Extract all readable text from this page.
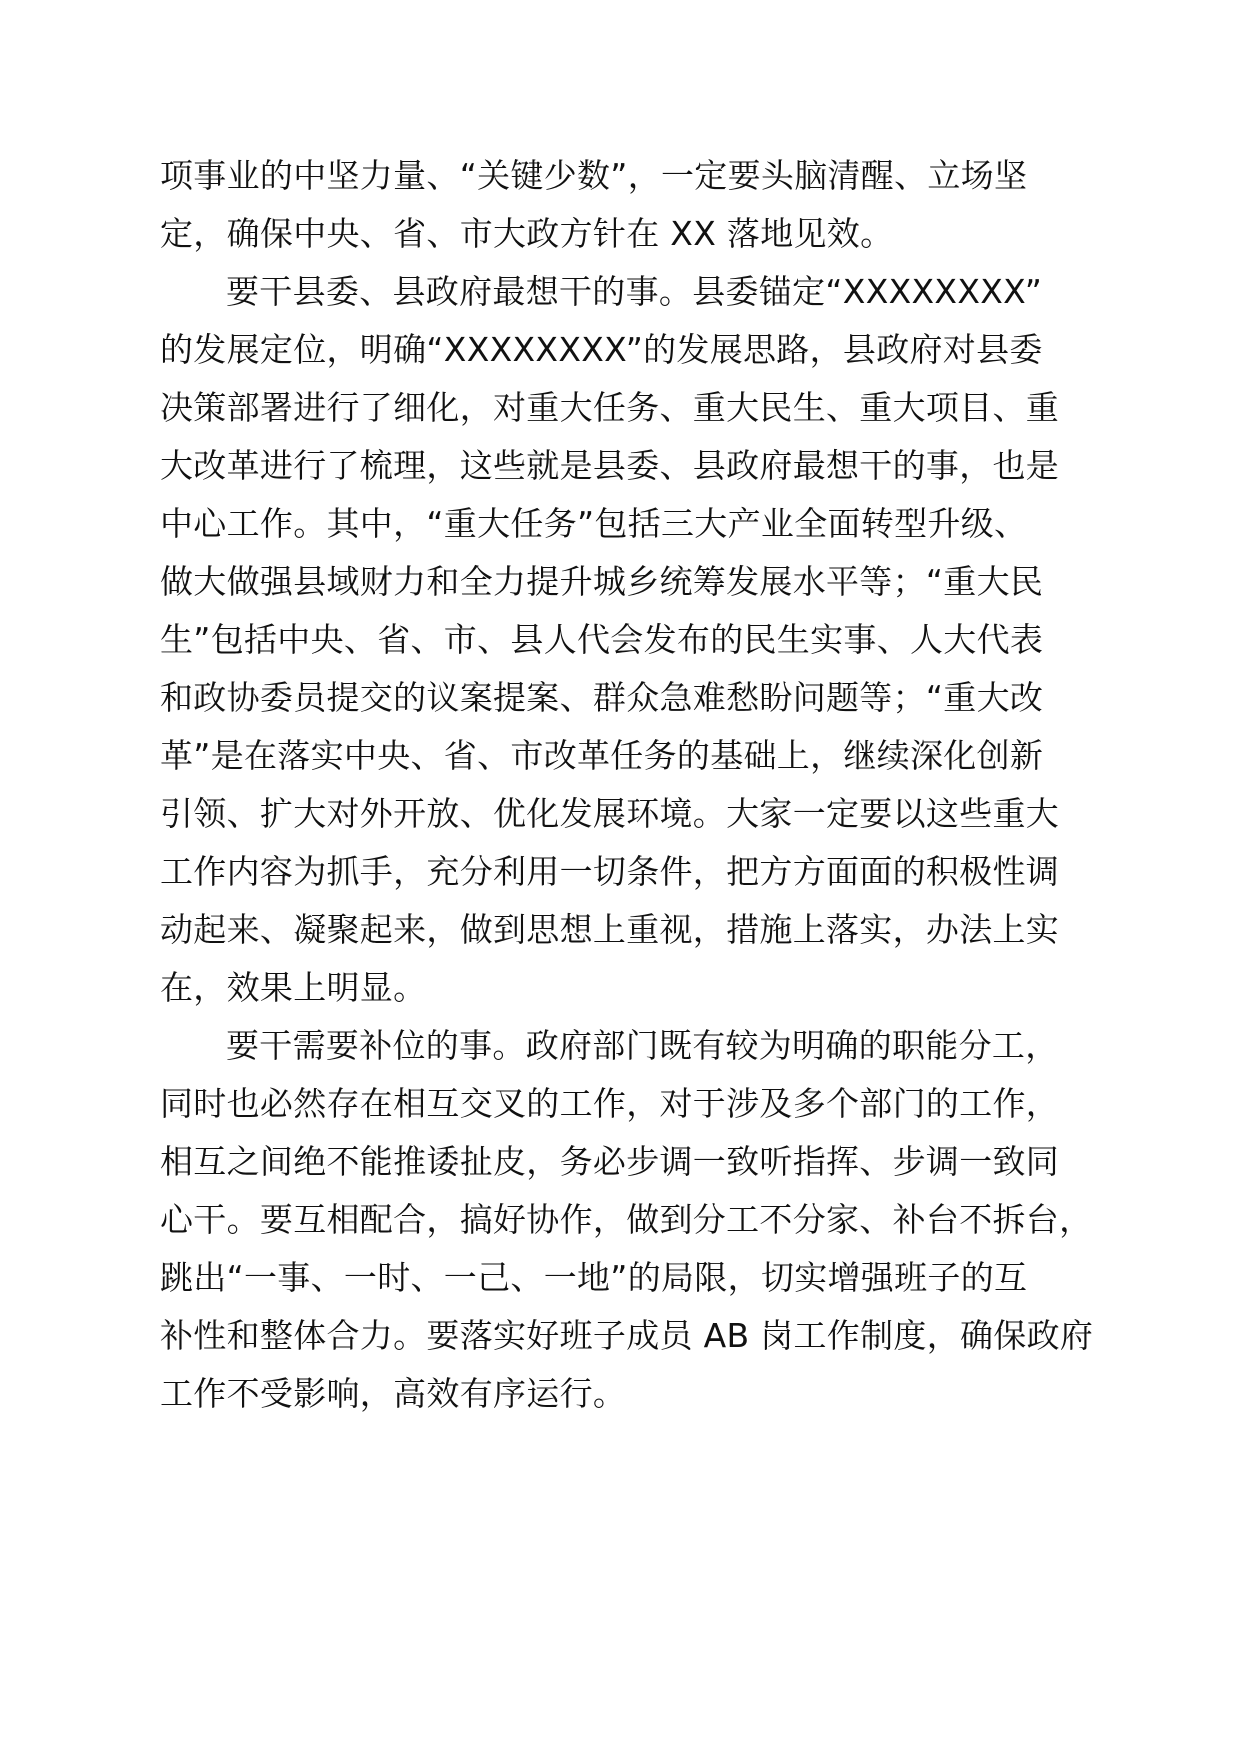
项事业的中坚力量、“关键少数”，一定要头脑清醒、立场坚
定，确保中央、省、市大政方针在 XX 落地见效。
要干县委、县政府最想干的事。县委锚定“XXXXXXXX”
的发展定位，明确“XXXXXXXX”的发展思路，县政府对县委
决策部署进行了细化，对重大任务、重大民生、重大项目、重
大改革进行了梳理，这些就是县委、县政府最想干的事，也是
中心工作。其中，“重大任务”包括三大产业全面转型升级、
做大做强县域财力和全力提升城乡统筹发展水平等；“重大民
生”包括中央、省、市、县人代会发布的民生实事、人大代表
和政协委员提交的议案提案、群众急难愁盼问题等；“重大改
革”是在落实中央、省、市改革任务的基础上，继续深化创新
引领、扩大对外开放、优化发展环境。大家一定要以这些重大
工作内容为抓手，充分利用一切条件，把方方面面的积极性调
动起来、凝聚起来，做到思想上重视，措施上落实，办法上实
在，效果上明显。
要干需要补位的事。政府部门既有较为明确的职能分工，
同时也必然存在相互交叉的工作，对于涉及多个部门的工作，
相互之间绝不能推诿扯皮，务必步调一致听指挥、步调一致同
心干。要互相配合，搞好协作，做到分工不分家、补台不拆台，
跳出“一事、一时、一己、一地”的局限，切实增强班子的互
补性和整体合力。要落实好班子成员 AB 岗工作制度，确保政府
工作不受影响，高效有序运行。
